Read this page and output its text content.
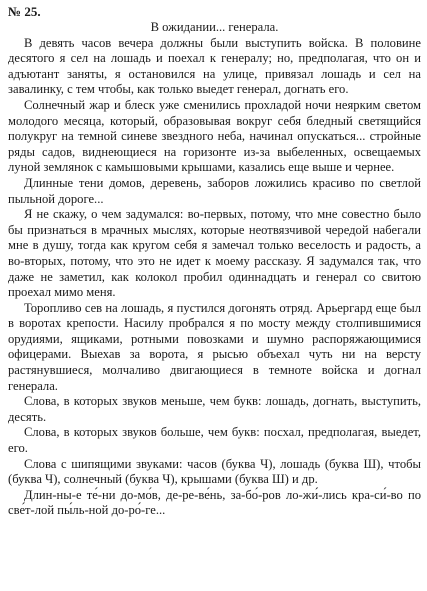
№ 25.

В ожидании... генерала.

В девять часов вечера должны были выступить войска. В половине десятого я сел на лошадь и поехал к генералу; но, предполагая, что он и адъютант заняты, я остановился на улице, привязал лошадь и сел на завалинку, с тем чтобы, как только выедет генерал, догнать его.

Солнечный жар и блеск уже сменились прохладой ночи неярким светом молодого месяца, который, образовывая вокруг себя бледный светящийся полукруг на темной синеве звездного неба, начинал опускаться... стройные ряды садов, виднеющиеся на горизонте из-за выбеленных, освещаемых луной землянок с камышовыми крышами, казались еще выше и чернее.

Длинные тени домов, деревень, заборов ложились красиво по светлой пыльной дороге...

Я не скажу, о чем задумался: во-первых, потому, что мне совестно было бы признаться в мрачных мыслях, которые неотвязчивой чередой набегали мне в душу, тогда как кругом себя я замечал только веселость и радость, а во-вторых, потому, что это не идет к моему рассказу. Я задумался так, что даже не заметил, как колокол пробил одиннадцать и генерал со свитою проехал мимо меня.

Торопливо сев на лошадь, я пустился догонять отряд. Арьергард еще был в воротах крепости. Насилу пробрался я по мосту между столпившимися орудиями, ящиками, ротными повозками и шумно распоряжающимися офицерами. Выехав за ворота, я рысью объехал чуть ни на версту растянувшиеся, молчаливо двигающиеся в темноте войска и догнал генерала.

Слова, в которых звуков меньше, чем букв: лошадь, догнать, выступить, десять.

Слова, в которых звуков больше, чем букв: посхал, предполагая, выедет, его.

Слова с шипящими звуками: часов (буква Ч), лошадь (буква Ш), чтобы (буква Ч), солнечный (буква Ч), крышами (буква Ш) и др.

Длин-ны-е те́-ни до-мо́в, де-ре-ве́нь, за-бо́-ров ло-жи́-лись кра-си́-во по све́т-лой пы́ль-ной до-ро́-ге...
